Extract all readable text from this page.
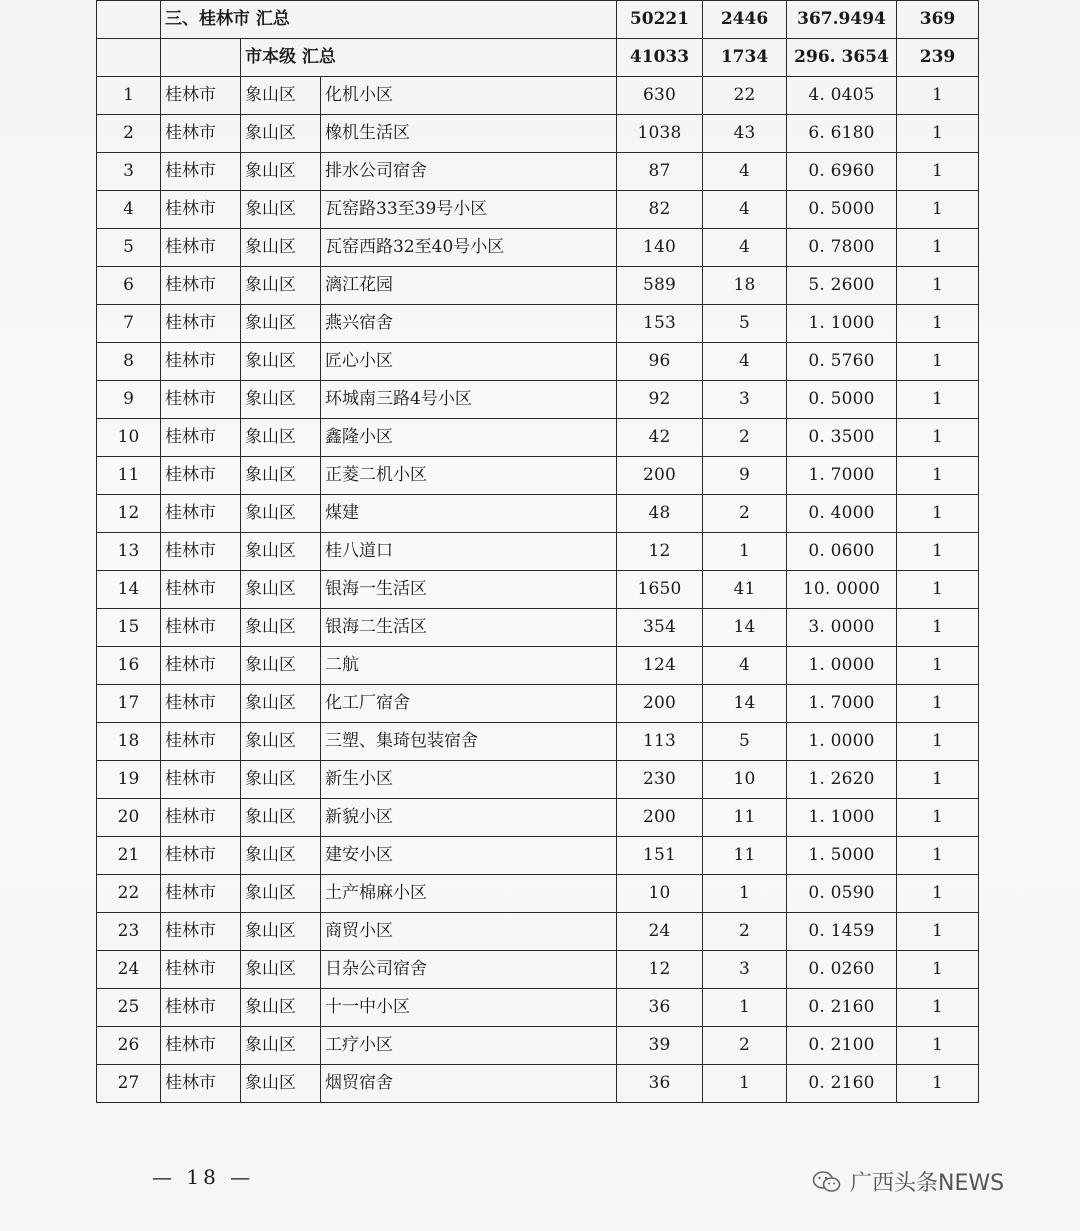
	三、桂林市 汇总			50221	2446	367.9494	369
		市本级 汇总		41033	1734	296. 3654	239
1	桂林市	象山区	化机小区	630	22	4. 0405	1
2	桂林市	象山区	橡机生活区	1038	43	6. 6180	1
3	桂林市	象山区	排水公司宿舍	87	4	0. 6960	1
4	桂林市	象山区	瓦窑路33至39号小区	82	4	0. 5000	1
5	桂林市	象山区	瓦窑西路32至40号小区	140	4	0. 7800	1
6	桂林市	象山区	漓江花园	589	18	5. 2600	1
7	桂林市	象山区	燕兴宿舍	153	5	1. 1000	1
8	桂林市	象山区	匠心小区	96	4	0. 5760	1
9	桂林市	象山区	环城南三路4号小区	92	3	0. 5000	1
10	桂林市	象山区	鑫隆小区	42	2	0. 3500	1
11	桂林市	象山区	正菱二机小区	200	9	1. 7000	1
12	桂林市	象山区	煤建	48	2	0. 4000	1
13	桂林市	象山区	桂八道口	12	1	0. 0600	1
14	桂林市	象山区	银海一生活区	1650	41	10. 0000	1
15	桂林市	象山区	银海二生活区	354	14	3. 0000	1
16	桂林市	象山区	二航	124	4	1. 0000	1
17	桂林市	象山区	化工厂宿舍	200	14	1. 7000	1
18	桂林市	象山区	三塑、集琦包装宿舍	113	5	1. 0000	1
19	桂林市	象山区	新生小区	230	10	1. 2620	1
20	桂林市	象山区	新貌小区	200	11	1. 1000	1
21	桂林市	象山区	建安小区	151	11	1. 5000	1
22	桂林市	象山区	土产棉麻小区	10	1	0. 0590	1
23	桂林市	象山区	商贸小区	24	2	0. 1459	1
24	桂林市	象山区	日杂公司宿舍	12	3	0. 0260	1
25	桂林市	象山区	十一中小区	36	1	0. 2160	1
26	桂林市	象山区	工疗小区	39	2	0. 2100	1
27	桂林市	象山区	烟贸宿舍	36	1	0. 2160	1
— 18 —	广西头条NEWS
